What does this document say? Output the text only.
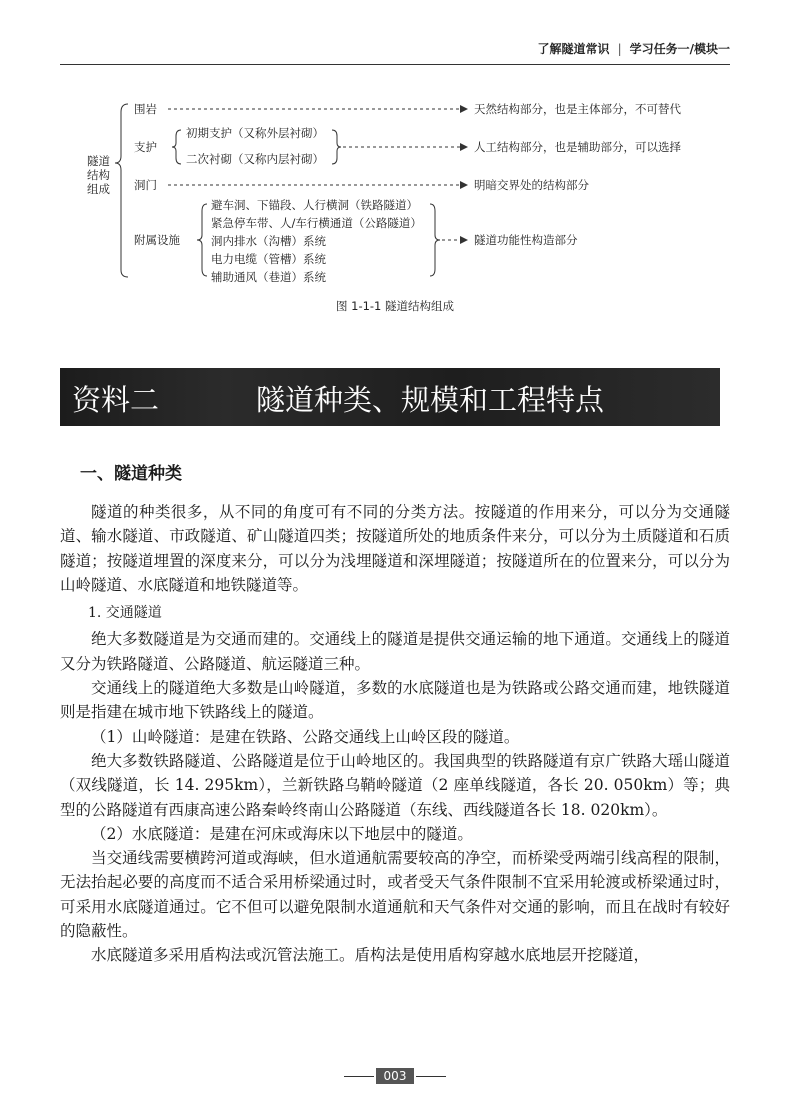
了解隧道常识 | 学习任务一/模块一
隧道
结构
组成
围岩
支护
洞门
附属设施
初期支护（又称外层衬砌）
二次衬砌（又称内层衬砌）
避车洞、下锚段、人行横洞（铁路隧道）
紧急停车带、人/车行横通道（公路隧道）
洞内排水（沟槽）系统
电力电缆（管槽）系统
辅助通风（巷道）系统
天然结构部分，也是主体部分，不可替代
人工结构部分，也是辅助部分，可以选择
明暗交界处的结构部分
隧道功能性构造部分
图 1-1-1 隧道结构组成
资料二	隧道种类、规模和工程特点
一、隧道种类

隧道的种类很多，从不同的角度可有不同的分类方法。按隧道的作用来分，可以分为交通隧道、输水隧道、市政隧道、矿山隧道四类；按隧道所处的地质条件来分，可以分为土质隧道和石质隧道；按隧道埋置的深度来分，可以分为浅埋隧道和深埋隧道；按隧道所在的位置来分，可以分为山岭隧道、水底隧道和地铁隧道等。

1. 交通隧道

绝大多数隧道是为交通而建的。交通线上的隧道是提供交通运输的地下通道。交通线上的隧道又分为铁路隧道、公路隧道、航运隧道三种。

交通线上的隧道绝大多数是山岭隧道，多数的水底隧道也是为铁路或公路交通而建，地铁隧道则是指建在城市地下铁路线上的隧道。

（1）山岭隧道：是建在铁路、公路交通线上山岭区段的隧道。

绝大多数铁路隧道、公路隧道是位于山岭地区的。我国典型的铁路隧道有京广铁路大瑶山隧道（双线隧道，长 14. 295km），兰新铁路乌鞘岭隧道（2 座单线隧道，各长 20. 050km）等；典型的公路隧道有西康高速公路秦岭终南山公路隧道（东线、西线隧道各长 18. 020km）。

（2）水底隧道：是建在河床或海床以下地层中的隧道。

当交通线需要横跨河道或海峡，但水道通航需要较高的净空，而桥梁受两端引线高程的限制，无法抬起必要的高度而不适合采用桥梁通过时，或者受天气条件限制不宜采用轮渡或桥梁通过时，可采用水底隧道通过。它不但可以避免限制水道通航和天气条件对交通的影响，而且在战时有较好的隐蔽性。

水底隧道多采用盾构法或沉管法施工。盾构法是使用盾构穿越水底地层开挖隧道，

003
